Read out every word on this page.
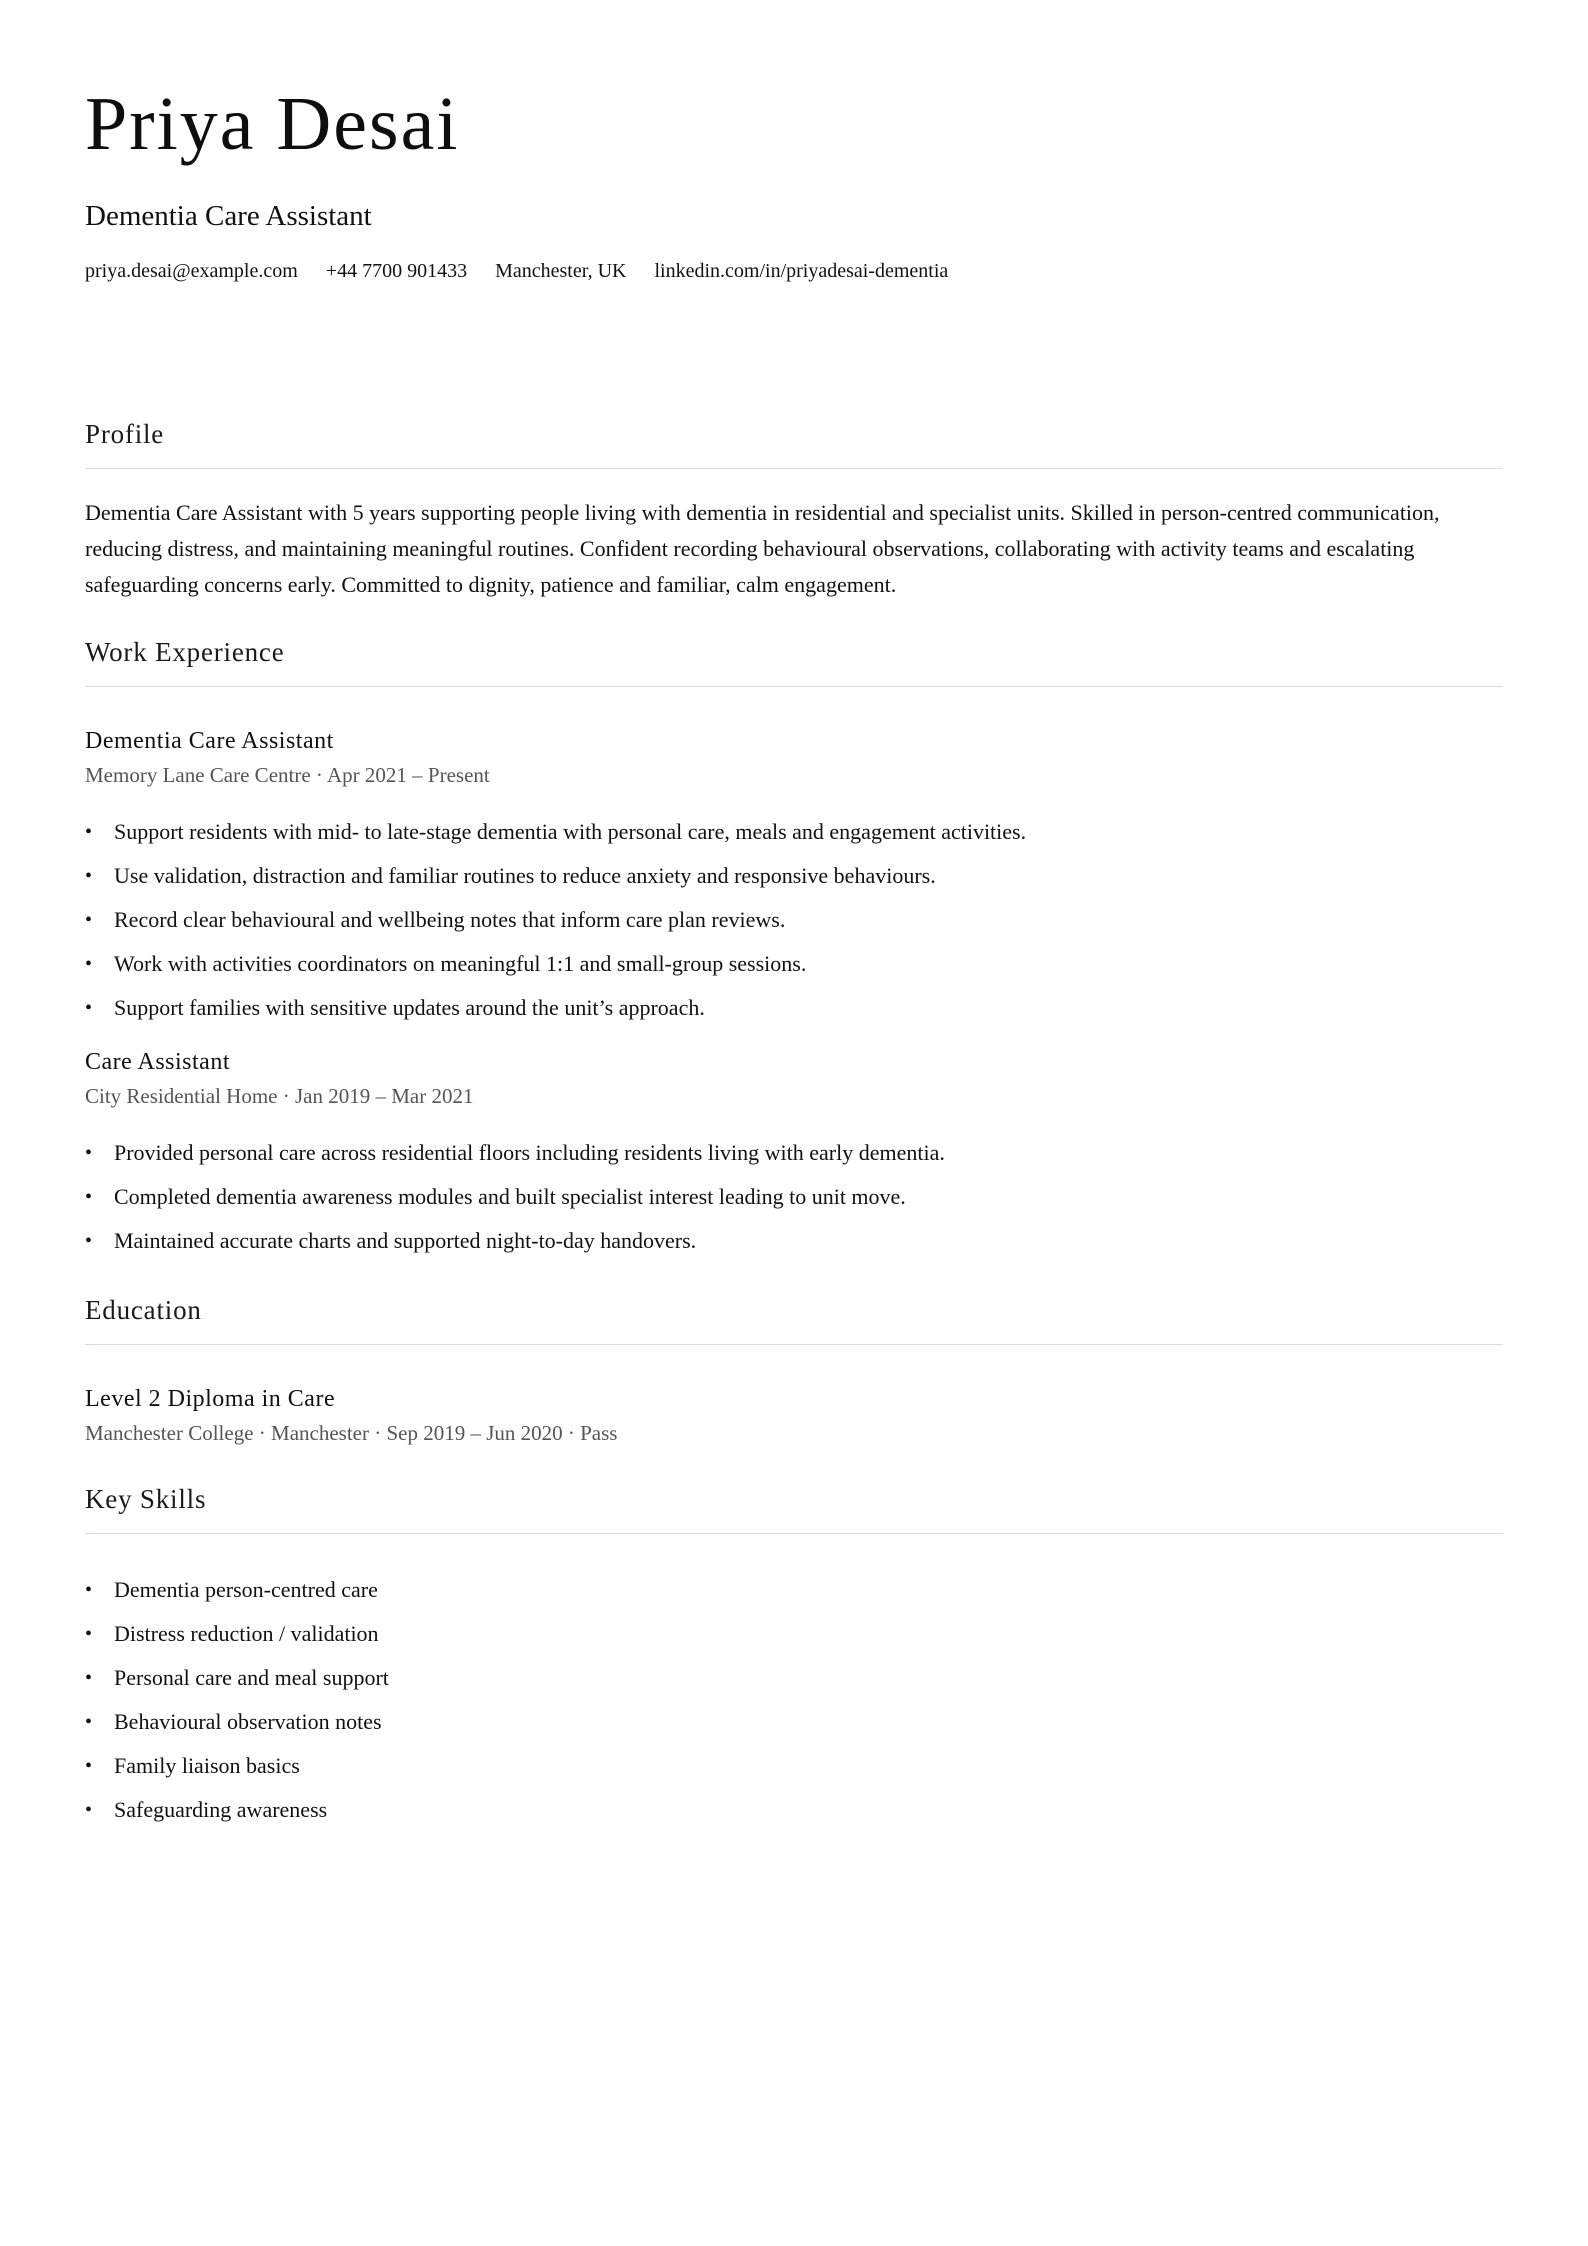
Priya Desai
Dementia Care Assistant
priya.desai@example.com +44 7700 901433 Manchester, UK linkedin.com/in/priyadesai-dementia
Profile
Dementia Care Assistant with 5 years supporting people living with dementia in residential and specialist units. Skilled in person-centred communication, reducing distress, and maintaining meaningful routines. Confident recording behavioural observations, collaborating with activity teams and escalating safeguarding concerns early. Committed to dignity, patience and familiar, calm engagement.
Work Experience
Dementia Care Assistant
Memory Lane Care Centre · Apr 2021 – Present
• Support residents with mid- to late-stage dementia with personal care, meals and engagement activities.
• Use validation, distraction and familiar routines to reduce anxiety and responsive behaviours.
• Record clear behavioural and wellbeing notes that inform care plan reviews.
• Work with activities coordinators on meaningful 1:1 and small-group sessions.
• Support families with sensitive updates around the unit’s approach.
Care Assistant
City Residential Home · Jan 2019 – Mar 2021
• Provided personal care across residential floors including residents living with early dementia.
• Completed dementia awareness modules and built specialist interest leading to unit move.
• Maintained accurate charts and supported night-to-day handovers.
Education
Level 2 Diploma in Care
Manchester College · Manchester · Sep 2019 – Jun 2020 · Pass
Key Skills
• Dementia person-centred care
• Distress reduction / validation
• Personal care and meal support
• Behavioural observation notes
• Family liaison basics
• Safeguarding awareness
